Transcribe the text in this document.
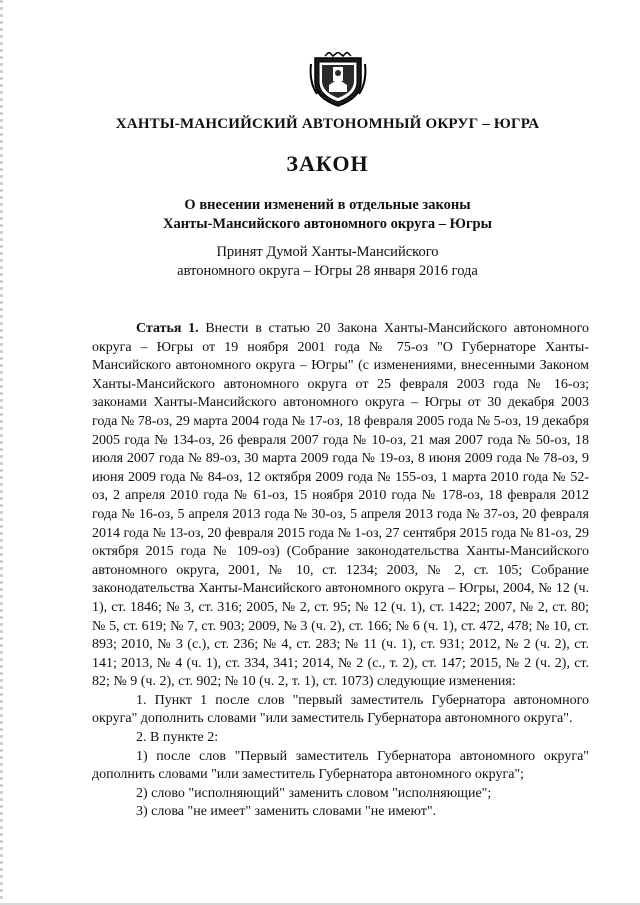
ХАНТЫ-МАНСИЙСКИЙ АВТОНОМНЫЙ ОКРУГ – ЮГРА
ЗАКОН
О внесении изменений в отдельные законы
Ханты-Мансийского автономного округа – Югры
Принят Думой Ханты-Мансийского
автономного округа – Югры 28 января 2016 года

Статья 1. Внести в статью 20 Закона Ханты-Мансийского автономного округа – Югры от 19 ноября 2001 года № 75-оз "О Губернаторе Ханты-Мансийского автономного округа – Югры" (с изменениями, внесенными Законом Ханты-Мансийского автономного округа от 25 февраля 2003 года № 16-оз; законами Ханты-Мансийского автономного округа – Югры от 30 декабря 2003 года № 78-оз, 29 марта 2004 года № 17-оз, 18 февраля 2005 года № 5-оз, 19 декабря 2005 года № 134-оз, 26 февраля 2007 года № 10-оз, 21 мая 2007 года № 50-оз, 18 июля 2007 года № 89-оз, 30 марта 2009 года № 19-оз, 8 июня 2009 года № 78-оз, 9 июня 2009 года № 84-оз, 12 октября 2009 года № 155-оз, 1 марта 2010 года № 52-оз, 2 апреля 2010 года № 61-оз, 15 ноября 2010 года № 178-оз, 18 февраля 2012 года № 16-оз, 5 апреля 2013 года № 30-оз, 5 апреля 2013 года № 37-оз, 20 февраля 2014 года № 13-оз, 20 февраля 2015 года № 1-оз, 27 сентября 2015 года № 81-оз, 29 октября 2015 года № 109-оз) (Собрание законодательства Ханты-Мансийского автономного округа, 2001, № 10, ст. 1234; 2003, № 2, ст. 105; Собрание законодательства Ханты-Мансийского автономного округа – Югры, 2004, № 12 (ч. 1), ст. 1846; № 3, ст. 316; 2005, № 2, ст. 95; № 12 (ч. 1), ст. 1422; 2007, № 2, ст. 80; № 5, ст. 619; № 7, ст. 903; 2009, № 3 (ч. 2), ст. 166; № 6 (ч. 1), ст. 472, 478; № 10, ст. 893; 2010, № 3 (с.), ст. 236; № 4, ст. 283; № 11 (ч. 1), ст. 931; 2012, № 2 (ч. 2), ст. 141; 2013, № 4 (ч. 1), ст. 334, 341; 2014, № 2 (с., т. 2), ст. 147; 2015, № 2 (ч. 2), ст. 82; № 9 (ч. 2), ст. 902; № 10 (ч. 2, т. 1), ст. 1073) следующие изменения:

1. Пункт 1 после слов "первый заместитель Губернатора автономного округа" дополнить словами "или заместитель Губернатора автономного округа".

2. В пункте 2:

1) после слов "Первый заместитель Губернатора автономного округа" дополнить словами "или заместитель Губернатора автономного округа";

2) слово "исполняющий" заменить словом "исполняющие";

3) слова "не имеет" заменить словами "не имеют".
